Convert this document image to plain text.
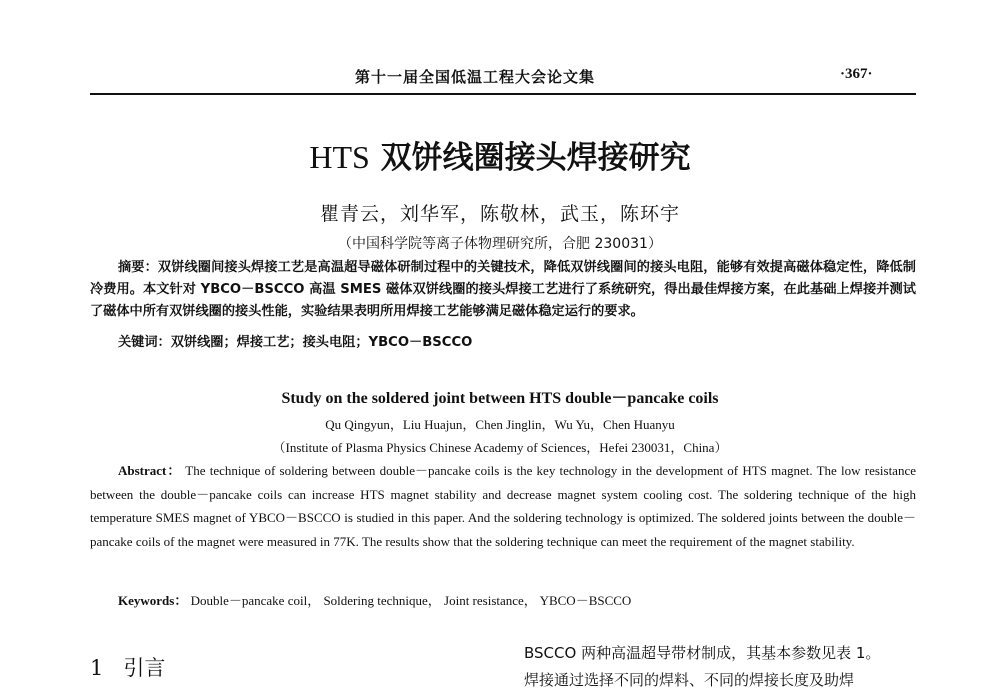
第十一届全国低温工程大会论文集	·367·
HTS 双饼线圈接头焊接研究
瞿青云，刘华军，陈敬林，武玉，陈环宇
（中国科学院等离子体物理研究所，合肥 230031）
摘要：双饼线圈间接头焊接工艺是高温超导磁体研制过程中的关键技术，降低双饼线圈间的接头电阻，能够有效提高磁体稳定性，降低制冷费用。本文针对 YBCO－BSCCO 高温 SMES 磁体双饼线圈的接头焊接工艺进行了系统研究，得出最佳焊接方案，在此基础上焊接并测试了磁体中所有双饼线圈的接头性能，实验结果表明所用焊接工艺能够满足磁体稳定运行的要求。
关键词：双饼线圈；焊接工艺；接头电阻；YBCO－BSCCO
Study on the soldered joint between HTS double－pancake coils
Qu Qingyun，Liu Huajun，Chen Jinglin，Wu Yu，Chen Huanyu
（Institute of Plasma Physics Chinese Academy of Sciences，Hefei 230031，China）
Abstract： The technique of soldering between double－pancake coils is the key technology in the development of HTS magnet. The low resistance between the double－pancake coils can increase HTS magnet stability and decrease magnet system cooling cost. The soldering technique of the high temperature SMES magnet of YBCO－BSCCO is studied in this paper. And the soldering technology is optimized. The soldered joints between the double－pancake coils of the magnet were measured in 77K. The results show that the soldering technique can meet the requirement of the magnet stability.
Keywords： Double－pancake coil， Soldering technique， Joint resistance， YBCO－BSCCO
1 引言
BSCCO 两种高温超导带材制成，其基本参数见表 1。
焊接通过选择不同的焊料、不同的焊接长度及助焊
